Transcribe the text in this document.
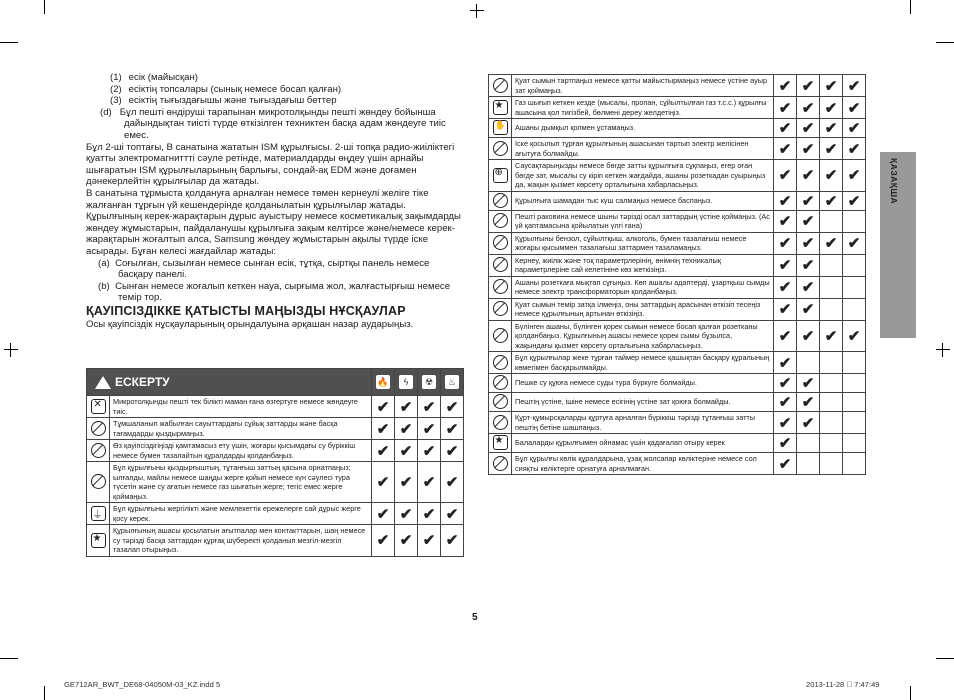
(1) есік (майысқан)

(2) есіктің топсалары (сынық немесе босап қалған)

(3) есіктің тығыздағышы және тығыздағыш беттер

(d) Бұл пешті өндіруші тарапынан микротолқынды пешті жөндеу бойынша дайындықтан тиісті түрде өткізілген техниктен басқа адам жөндеуге тиіс емес.

Бұл 2-ші топтағы, B санатына жататын ISM құрылғысы. 2-ші топқа радио-жиіліктегі қуатты электромагниттті сәуле ретінде, материалдарды өңдеу үшін арнайы шығаратын ISM құрылғыларының барлығы, сондай-ақ EDM және доғамен дәнекерлейтін құрылғылар да жатады.

B санатына тұрмыста қолдануға арналған немесе төмен кернеулі желіге тіке жалғанған тұрғын үй кешендерінде қолданылатын құрылғылар жатады.

Құрылғының керек-жарақтарын дұрыс ауыстыру немесе косметикалық зақымдарды жөндеу жұмыстарын, пайдаланушы құрылғыға зақым келтірсе және/немесе керек-жарақтарын жоғалтып алса, Samsung жөндеу жұмыстарын ақылы түрде іске асырады. Бұған келесі жағдайлар жатады:

(a) Соғылған, сызылған немесе сынған есік, тұтқа, сыртқы панель немесе басқару панелі.

(b) Сынған немесе жоғалып кеткен науа, сырғыма жол, жалғастырғыш немесе темір тор.

ҚАУІПСІЗДІККЕ ҚАТЫСТЫ МАҢЫЗДЫ НҰСҚАУЛАР

Осы қауіпсіздік нұсқауларының орындалуына әрқашан назар аударыңыз.

ЕСКЕРТУ		🔥	ϟ	☢	♨
✕	Микротолқынды пешті тек білікті маман ғана өзгертуге немесе жөндеуге тиіс.	✔	✔	✔	✔
	Тұмшаланып жабылған сауыттардағы сұйық заттарды және басқа тағамдарды қыздырмаңыз.	✔	✔	✔	✔
	Өз қауіпсіздігіңізді қамтамасыз ету үшін, жоғары қысымдағы су бүріккіш немесе бумен тазалайтын құралдарды қолданбаңыз.	✔	✔	✔	✔
	Бұл құрылғыны қыздырғыштың, тұтанғыш заттың қасына орнатпаңыз; ылғалды, майлы немесе шаңды жерге қойып немесе күн сәулесі тура түсетін және су ағатын немесе газ шығатын жерге; тегіс емес жерге қоймаңыз.	✔	✔	✔	✔
⏚	Бұл құрылғыны жергілікті және мемлекеттік ережелерге сай дұрыс жерге қосу керек.	✔	✔	✔	✔
★	Құрылғының ашасы қосылатын ағытпалар мен контакттарын, шаң немесе су тәрізді басқа заттардан құрғақ шүберекті қолданып мезгіл-мезгіл тазалап отырыңыз.	✔	✔	✔	✔
	Қуат сымын тартпаңыз немесе қатты майыстырмаңыз немесе үстіне ауыр зат қоймаңыз.	✔	✔	✔	✔
★	Газ шығып кеткен кезде (мысалы, пропан, сұйылтылған газ т.с.с.) құрылғы ашасына қол тигізбей, бөлмені дереу желдетіңіз.	✔	✔	✔	✔
✋	Ашаны дымқыл қолмен ұстамаңыз.	✔	✔	✔	✔
	Іске қосылып тұрған құрылғының ашасынан тартып электр желісінен ағытуға болмайды.	✔	✔	✔	✔
⊕	Саусақтарыңызды немесе бөгде затты құрылғыға сұқпаңыз, егер оған бөгде зат, мысалы су кіріп кеткен жағдайда, ашаны розеткадан суырыңыз да, жақын қызмет көрсету орталығына хабарласыңыз.	✔	✔	✔	✔
	Құрылғыға шамадан тыс күш салмаңыз немесе баспаңыз.	✔	✔	✔	✔
	Пешті раковина немесе шыны тәрізді осал заттардың үстіне қоймаңыз. (Ас үй қаптамасына қойылатын үлгі ғана)	✔	✔		
	Құрылғыны бензол, сұйылтқыш, алкоголь, бумен тазалағыш немесе жоғары қысыммен тазалағыш заттармен тазаламаңыз.	✔	✔	✔	✔
	Кернеу, жиілік және тоқ параметрлерінің, өнімнің техникалық параметрлеріне сай келетініне көз жеткізіңіз.	✔	✔		
	Ашаны розеткаға мықтап сұғыңыз. Көп ашалы адаптерді, ұзартқыш сымды немесе электр трансформаторын қолданбаңыз.	✔	✔		
	Қуат сымын темір затқа ілмеңіз, оны заттардың арасынан өткізіп тесеңіз немесе құрылғының артынан өткізіңіз.	✔	✔		
	Бүлінген ашаны, бүлінген қорек сымын немесе босап қалған розетканы қолданбаңыз. Құрылғының ашасы немесе қорек сымы бұзылса, жақындағы қызмет көрсету орталығына хабарласыңыз.	✔	✔	✔	✔
	Бұл құрылғылар жеке тұрған таймер немесе қашықтан басқару құралының көмегімен басқарылмайды.	✔			
	Пешке су құюға немесе суды тура бүркуге болмайды.	✔	✔		
	Пештің үстіне, ішіне немесе есігінің үстіне зат қоюға болмайды.	✔	✔		
	Құрт-құмырсқаларды құртуға арналған бүріккіш тәрізді тұтанғыш затты пештің бетіне шашпаңыз.	✔	✔		
★	Балаларды құрылғымен ойнамас үшін қадағалап отыру керек	✔			
	Бұл құрылғы көлік құралдарына, ұзақ жолсапар көліктеріне немесе сол сияқты көліктерге орнатуға арналмаған.	✔			
ҚАЗАҚША
5
GE712AR_BWT_DE68-04050M-03_KZ.indd 5	2013-11-28   7:47:49
